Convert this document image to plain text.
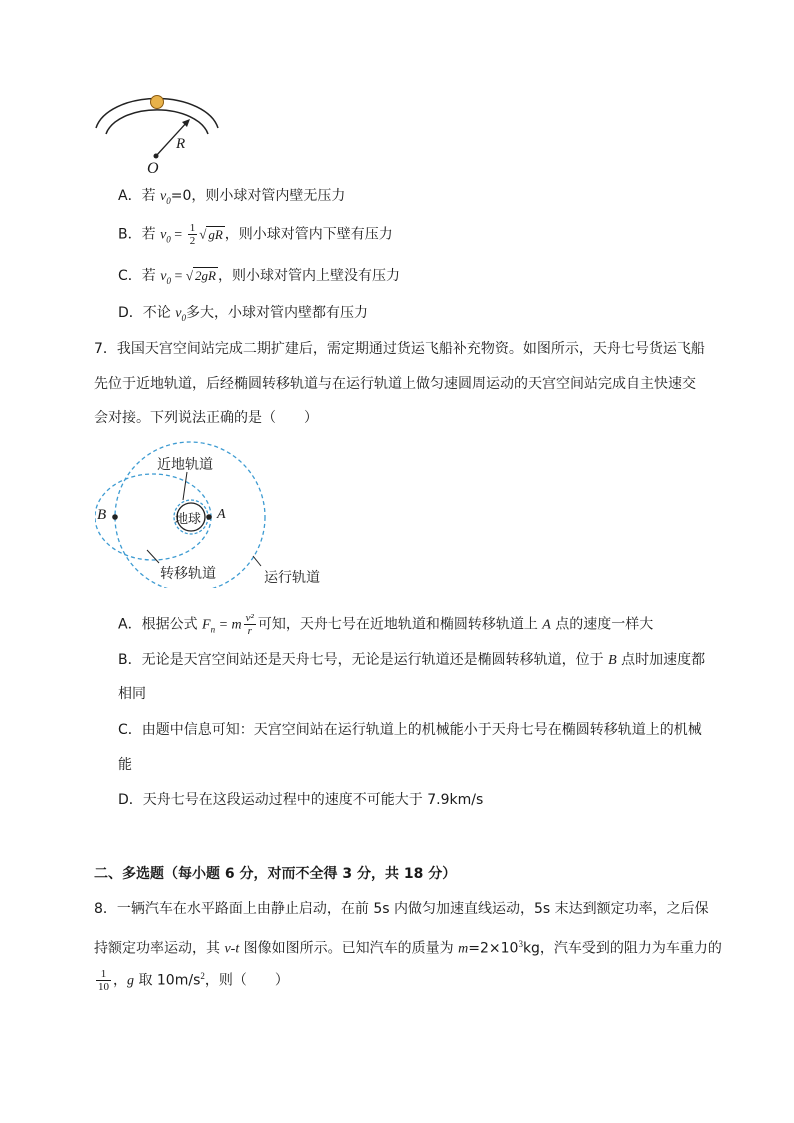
R
O
A．若 $v_0=0$，则小球对管内壁无压力
B．若 $v_0 = \frac{1}{2}$ √ gR ，则小球对管内下壁有压力
C．若 $v_0$ = √ 2gR ，则小球对管内上壁没有压力
D．不论 $v_0$多大，小球对管内壁都有压力
7．我国天宫空间站完成二期扩建后，需定期通过货运飞船补充物资。如图所示，天舟七号货运飞船
先位于近地轨道，后经椭圆转移轨道与在运行轨道上做匀速圆周运动的天宫空间站完成自主快速交
会对接。下列说法正确的是（　　）
近地轨道
地球 A
B
转移轨道	运行轨道
A．根据公式 $F_n = m \frac{\text{v²}}{r}$ 可知，天舟七号在近地轨道和椭圆转移轨道上 A 点的速度一样大
B．无论是天宫空间站还是天舟七号，无论是运行轨道还是椭圆转移轨道，位于 B 点时加速度都
相同
C．由题中信息可知：天宫空间站在运行轨道上的机械能小于天舟七号在椭圆转移轨道上的机械
能
D．天舟七号在这段运动过程中的速度不可能大于 7.9km/s
二、多选题（每小题 6 分，对而不全得 3 分，共 18 分）
8．一辆汽车在水平路面上由静止启动，在前 5s 内做匀加速直线运动，5s 末达到额定功率，之后保
持额定功率运动，其 v-t 图像如图所示。已知汽车的质量为 $m=2\times 10^3kg$，汽车受到的阻力为车重力的
$\frac{1}{10}$ ，g 取 $10m/s^2$，则（　　）
